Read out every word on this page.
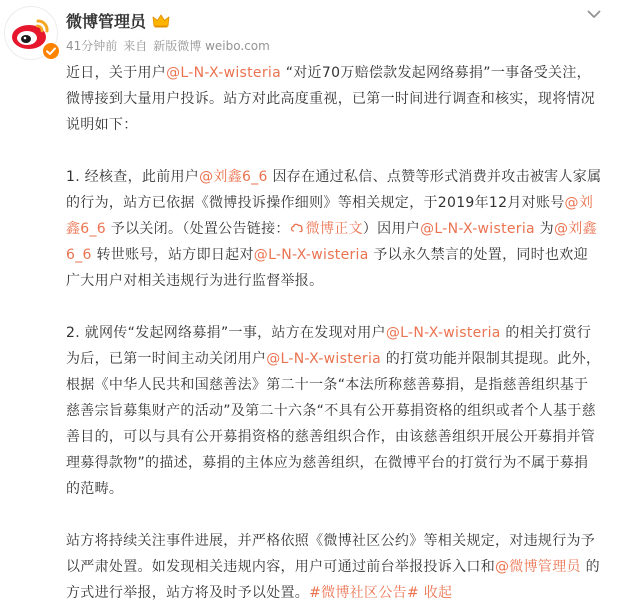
微博管理员
41分钟前 来自 新版微博 weibo.com

近日，关于用户@L-N-X-wisteria “对近70万赔偿款发起网络募捐”一事备受关注，微博接到大量用户投诉。站方对此高度重视，已第一时间进行调查和核实，现将情况说明如下：

1. 经核查，此前用户@刘鑫6_6 因存在通过私信、点赞等形式消费并攻击被害人家属的行为，站方已依据《微博投诉操作细则》等相关规定，于2019年12月对账号@刘鑫6_6 予以关闭。（处置公告链接： 微博正文）因用户@L-N-X-wisteria 为@刘鑫6_6 转世账号，站方即日起对@L-N-X-wisteria 予以永久禁言的处置，同时也欢迎广大用户对相关违规行为进行监督举报。

2. 就网传“发起网络募捐”一事，站方在发现对用户@L-N-X-wisteria 的相关打赏行为后，已第一时间主动关闭用户@L-N-X-wisteria 的打赏功能并限制其提现。此外，根据《中华人民共和国慈善法》第二十一条“本法所称慈善募捐，是指慈善组织基于慈善宗旨募集财产的活动”及第二十六条“不具有公开募捐资格的组织或者个人基于慈善目的，可以与具有公开募捐资格的慈善组织合作，由该慈善组织开展公开募捐并管理募得款物”的描述，募捐的主体应为慈善组织，在微博平台的打赏行为不属于募捐的范畴。

站方将持续关注事件进展，并严格依照《微博社区公约》等相关规定，对违规行为予以严肃处置。如发现相关违规内容，用户可通过前台举报投诉入口和@微博管理员 的方式进行举报，站方将及时予以处置。#微博社区公告# 收起
